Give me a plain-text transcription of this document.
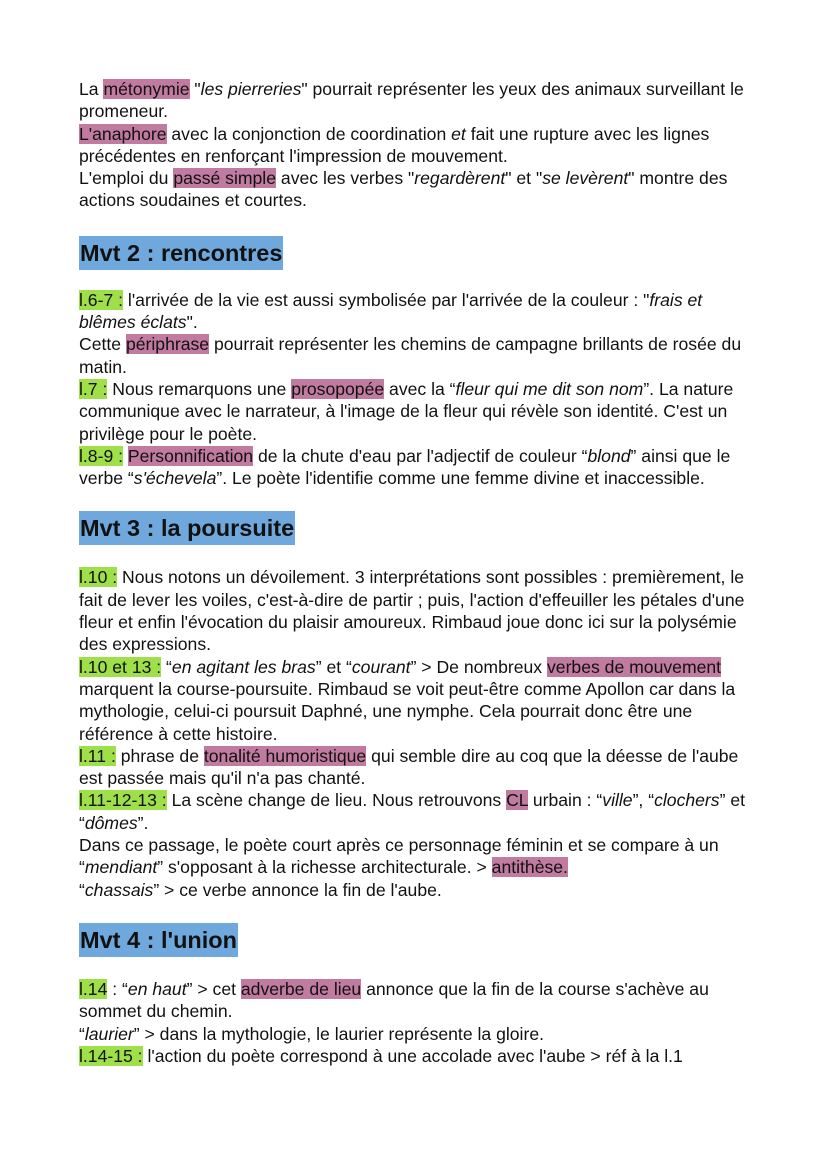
La métonymie "les pierreries" pourrait représenter les yeux des animaux surveillant le promeneur.

L'anaphore avec la conjonction de coordination et fait une rupture avec les lignes précédentes en renforçant l'impression de mouvement.

L'emploi du passé simple avec les verbes "regardèrent" et "se levèrent" montre des actions soudaines et courtes.

Mvt 2 : rencontres

l.6-7 : l'arrivée de la vie est aussi symbolisée par l'arrivée de la couleur : "frais et blêmes éclats".

Cette périphrase pourrait représenter les chemins de campagne brillants de rosée du matin.

l.7 : Nous remarquons une prosopopée avec la “fleur qui me dit son nom”. La nature communique avec le narrateur, à l'image de la fleur qui révèle son identité. C'est un privilège pour le poète.

l.8-9 : Personnification de la chute d'eau par l'adjectif de couleur “blond” ainsi que le verbe “s'échevela”. Le poète l'identifie comme une femme divine et inaccessible.

Mvt 3 : la poursuite

l.10 : Nous notons un dévoilement. 3 interprétations sont possibles : premièrement, le fait de lever les voiles, c'est-à-dire de partir ; puis, l'action d'effeuiller les pétales d'une fleur et enfin l'évocation du plaisir amoureux. Rimbaud joue donc ici sur la polysémie des expressions.

l.10 et 13 : “en agitant les bras” et “courant” > De nombreux verbes de mouvement marquent la course-poursuite. Rimbaud se voit peut-être comme Apollon car dans la mythologie, celui-ci poursuit Daphné, une nymphe. Cela pourrait donc être une référence à cette histoire.

l.11 : phrase de tonalité humoristique qui semble dire au coq que la déesse de l'aube est passée mais qu'il n'a pas chanté.

l.11-12-13 : La scène change de lieu. Nous retrouvons CL urbain : “ville”, “clochers” et “dômes”.

Dans ce passage, le poète court après ce personnage féminin et se compare à un “mendiant” s'opposant à la richesse architecturale. > antithèse.

“chassais” > ce verbe annonce la fin de l'aube.

Mvt 4 : l'union

l.14 : “en haut” > cet adverbe de lieu annonce que la fin de la course s'achève au sommet du chemin.

“laurier” > dans la mythologie, le laurier représente la gloire.

l.14-15 : l'action du poète correspond à une accolade avec l'aube > réf à la l.1
